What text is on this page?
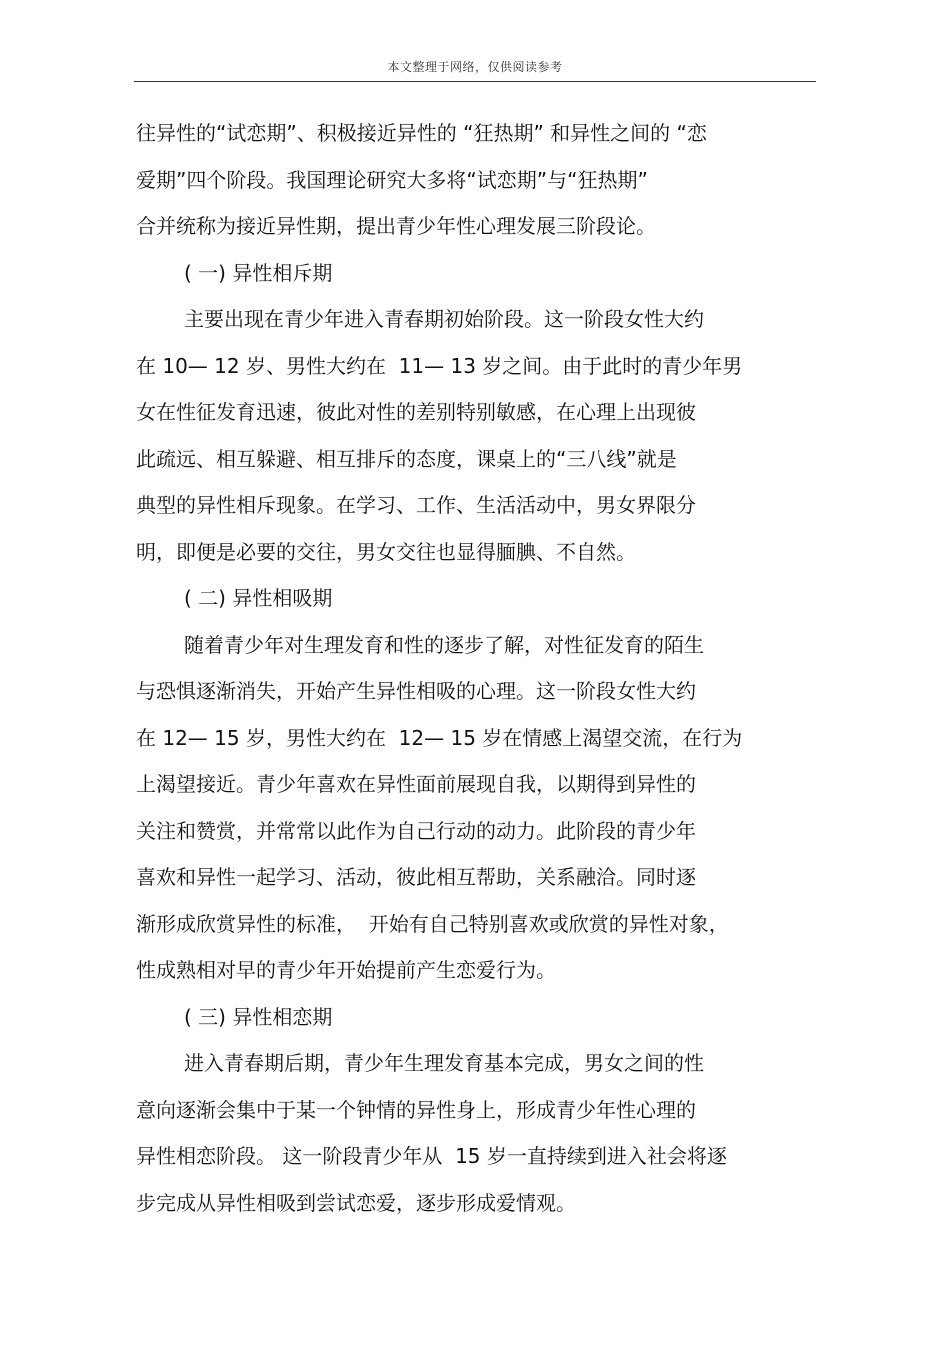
本文整理于网络，仅供阅读参考
往异性的“试恋期”、积极接近异性的 “狂热期” 和异性之间的 “恋
爱期”四个阶段。我国理论研究大多将“试恋期”与“狂热期”
合并统称为接近异性期，提出青少年性心理发展三阶段论。
( 一) 异性相斥期
主要出现在青少年进入青春期初始阶段。这一阶段女性大约
在 10— 12 岁、男性大约在  11— 13 岁之间。由于此时的青少年男
女在性征发育迅速，彼此对性的差别特别敏感，在心理上出现彼
此疏远、相互躲避、相互排斥的态度，课桌上的“三八线”就是
典型的异性相斥现象。在学习、工作、生活活动中，男女界限分
明，即便是必要的交往，男女交往也显得腼腆、不自然。
( 二) 异性相吸期
随着青少年对生理发育和性的逐步了解，对性征发育的陌生
与恐惧逐渐消失，开始产生异性相吸的心理。这一阶段女性大约
在 12— 15 岁，男性大约在  12— 15 岁在情感上渴望交流，在行为
上渴望接近。青少年喜欢在异性面前展现自我，以期得到异性的
关注和赞赏，并常常以此作为自己行动的动力。此阶段的青少年
喜欢和异性一起学习、活动，彼此相互帮助，关系融洽。同时逐
渐形成欣赏异性的标准，  开始有自己特别喜欢或欣赏的异性对象，
性成熟相对早的青少年开始提前产生恋爱行为。
( 三) 异性相恋期
进入青春期后期，青少年生理发育基本完成，男女之间的性
意向逐渐会集中于某一个钟情的异性身上，形成青少年性心理的
异性相恋阶段。 这一阶段青少年从  15 岁一直持续到进入社会将逐
步完成从异性相吸到尝试恋爱，逐步形成爱情观。
